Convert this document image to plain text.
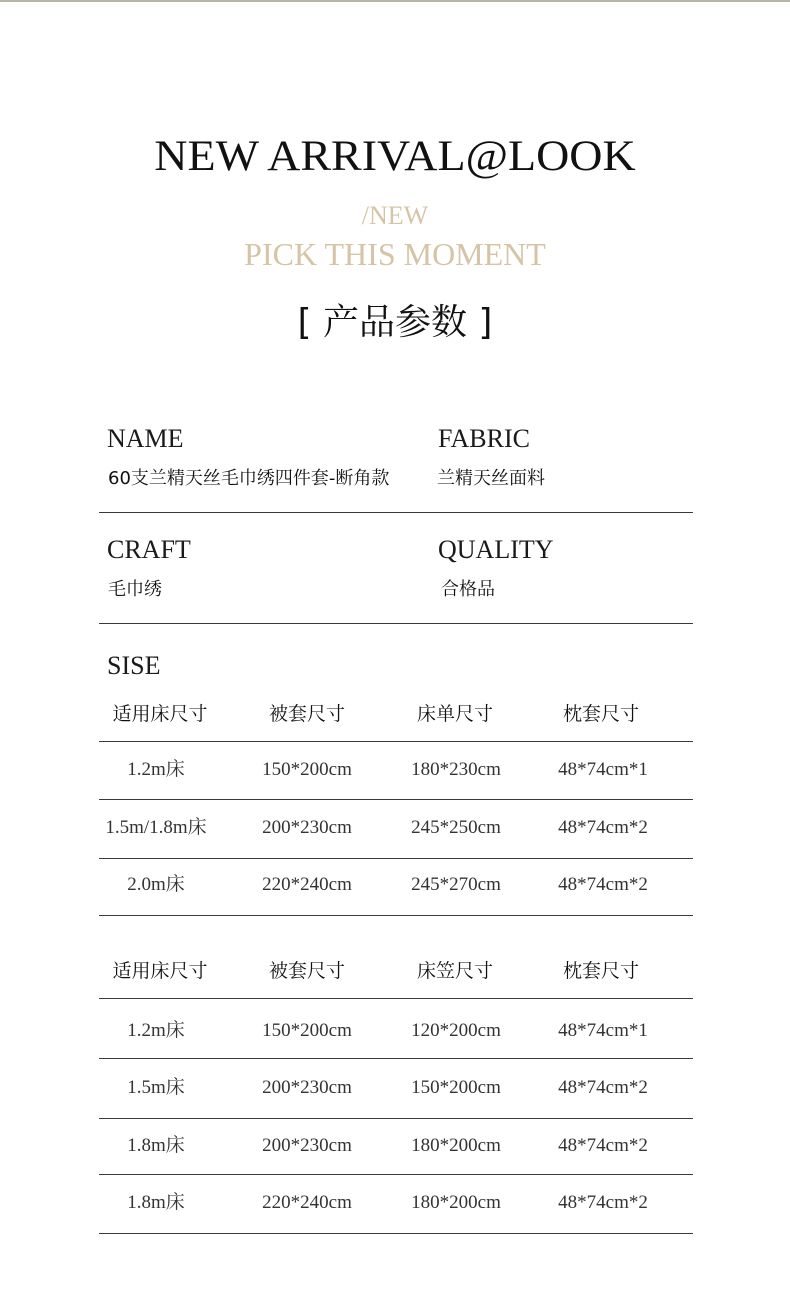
NEW ARRIVAL@LOOK
/NEW
PICK THIS MOMENT
[ 产品参数 ]
NAME
60支兰精天丝毛巾绣四件套-断角款
FABRIC
兰精天丝面料
CRAFT
毛巾绣
QUALITY
合格品
SISE
适用床尺寸	被套尺寸	床单尺寸	枕套尺寸
1.2m床	150*200cm	180*230cm	48*74cm*1
1.5m/1.8m床	200*230cm	245*250cm	48*74cm*2
2.0m床	220*240cm	245*270cm	48*74cm*2
适用床尺寸	被套尺寸	床笠尺寸	枕套尺寸
1.2m床	150*200cm	120*200cm	48*74cm*1
1.5m床	200*230cm	150*200cm	48*74cm*2
1.8m床	200*230cm	180*200cm	48*74cm*2
1.8m床	220*240cm	180*200cm	48*74cm*2
